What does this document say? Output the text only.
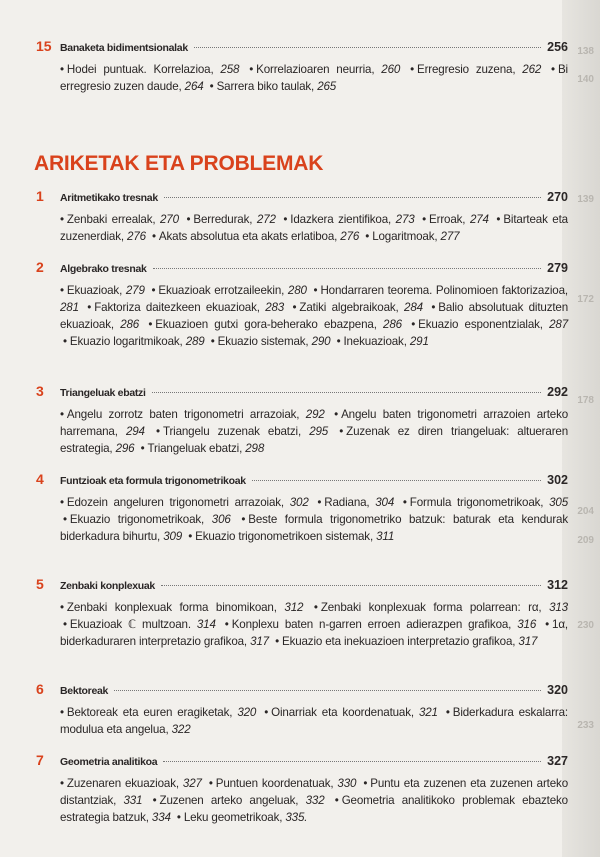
138
140
139
172
178
204
209
230
233
ARIKETAK ETA PROBLEMAK
15 Banaketa bidimentsionalak	256
• Hodei puntuak. Korrelazioa, 258 • Korrelazioaren neurria, 260 • Erregresio zuzena, 262 • Bi erregresio zuzen daude, 264 • Sarrera biko taulak, 265
1	Aritmetikako tresnak	270
• Zenbaki errealak, 270 • Berredurak, 272 • Idazkera zientifikoa, 273 • Erroak, 274 • Bitarteak eta zuzenerdiak, 276 • Akats absolutua eta akats erlatiboa, 276 • Logaritmoak, 277
2	Algebrako tresnak	279
• Ekuazioak, 279 • Ekuazioak errotzaileekin, 280 • Hondarraren teorema. Polinomioen faktorizazioa, 281 • Faktoriza daitezkeen ekuazioak, 283 • Zatiki algebraikoak, 284 • Balio absolutuak dituzten ekuazioak, 286 • Ekuazioen gutxi gora-beherako ebazpena, 286 • Ekuazio esponentzialak, 287 • Ekuazio logaritmikoak, 289 • Ekuazio sistemak, 290 • Inekuazioak, 291
3	Triangeluak ebatzi	292
• Angelu zorrotz baten trigonometri arrazoiak, 292 • Angelu baten trigonometri arrazoien arteko harremana, 294 • Triangelu zuzenak ebatzi, 295 • Zuzenak ez diren triangeluak: altueraren estrategia, 296 • Triangeluak ebatzi, 298
4	Funtzioak eta formula trigonometrikoak	302
• Edozein angeluren trigonometri arrazoiak, 302 • Radiana, 304 • Formula trigonometrikoak, 305 • Ekuazio trigonometrikoak, 306 • Beste formula trigonometriko batzuk: baturak eta kendurak biderkadura bihurtu, 309 • Ekuazio trigonometrikoen sistemak, 311
5	Zenbaki konplexuak	312
• Zenbaki konplexuak forma binomikoan, 312 • Zenbaki konplexuak forma polarrean: rα, 313 • Ekuazioak ℂ multzoan. 314 • Konplexu baten n-garren erroen adierazpen grafikoa, 316 • 1α, biderkaduraren interpretazio grafikoa, 317 • Ekuazio eta inekuazioen interpretazio grafikoa, 317
6	Bektoreak	320
• Bektoreak eta euren eragiketak, 320 • Oinarriak eta koordenatuak, 321 • Biderkadura eskalarra: modulua eta angelua, 322
7	Geometria analitikoa	327
• Zuzenaren ekuazioak, 327 • Puntuen koordenatuak, 330 • Puntu eta zuzenen eta zuzenen arteko distantziak, 331 • Zuzenen arteko angeluak, 332 • Geometria analitikoko problemak ebazteko estrategia batzuk, 334 • Leku geometrikoak, 335.
